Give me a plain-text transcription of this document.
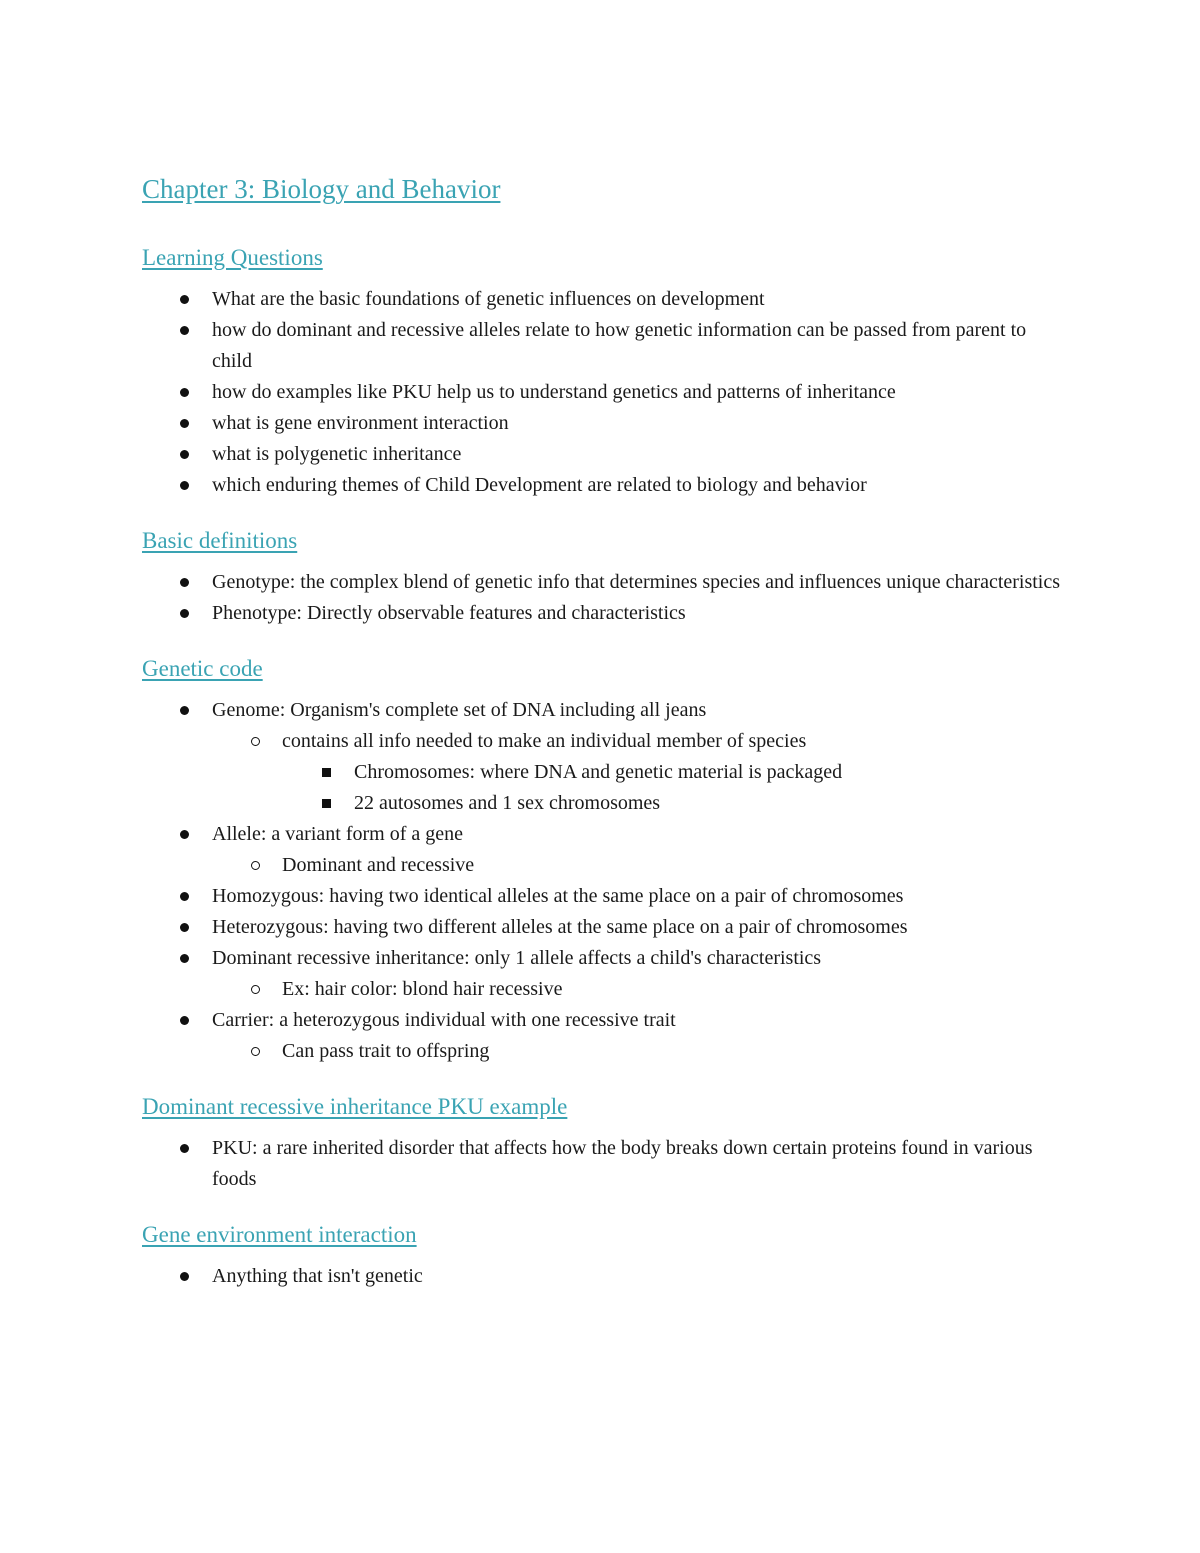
Chapter 3: Biology and Behavior
Learning Questions
What are the basic foundations of genetic influences on development
how do dominant and recessive alleles relate to how genetic information can be passed from parent to child
how do examples like PKU help us to understand genetics and patterns of inheritance
what is gene environment interaction
what is polygenetic inheritance
which enduring themes of Child Development are related to biology and behavior
Basic definitions
Genotype: the complex blend of genetic info that determines species and influences unique characteristics
Phenotype: Directly observable features and characteristics
Genetic code
Genome: Organism's complete set of DNA including all jeans
contains all info needed to make an individual member of species
Chromosomes: where DNA and genetic material is packaged
22 autosomes and 1 sex chromosomes
Allele: a variant form of a gene
Dominant and recessive
Homozygous: having two identical alleles at the same place on a pair of chromosomes
Heterozygous: having two different alleles at the same place on a pair of chromosomes
Dominant recessive inheritance: only 1 allele affects a child's characteristics
Ex: hair color: blond hair recessive
Carrier: a heterozygous individual with one recessive trait
Can pass trait to offspring
Dominant recessive inheritance PKU example
PKU: a rare inherited disorder that affects how the body breaks down certain proteins found in various foods
Gene environment interaction
Anything that isn't genetic
